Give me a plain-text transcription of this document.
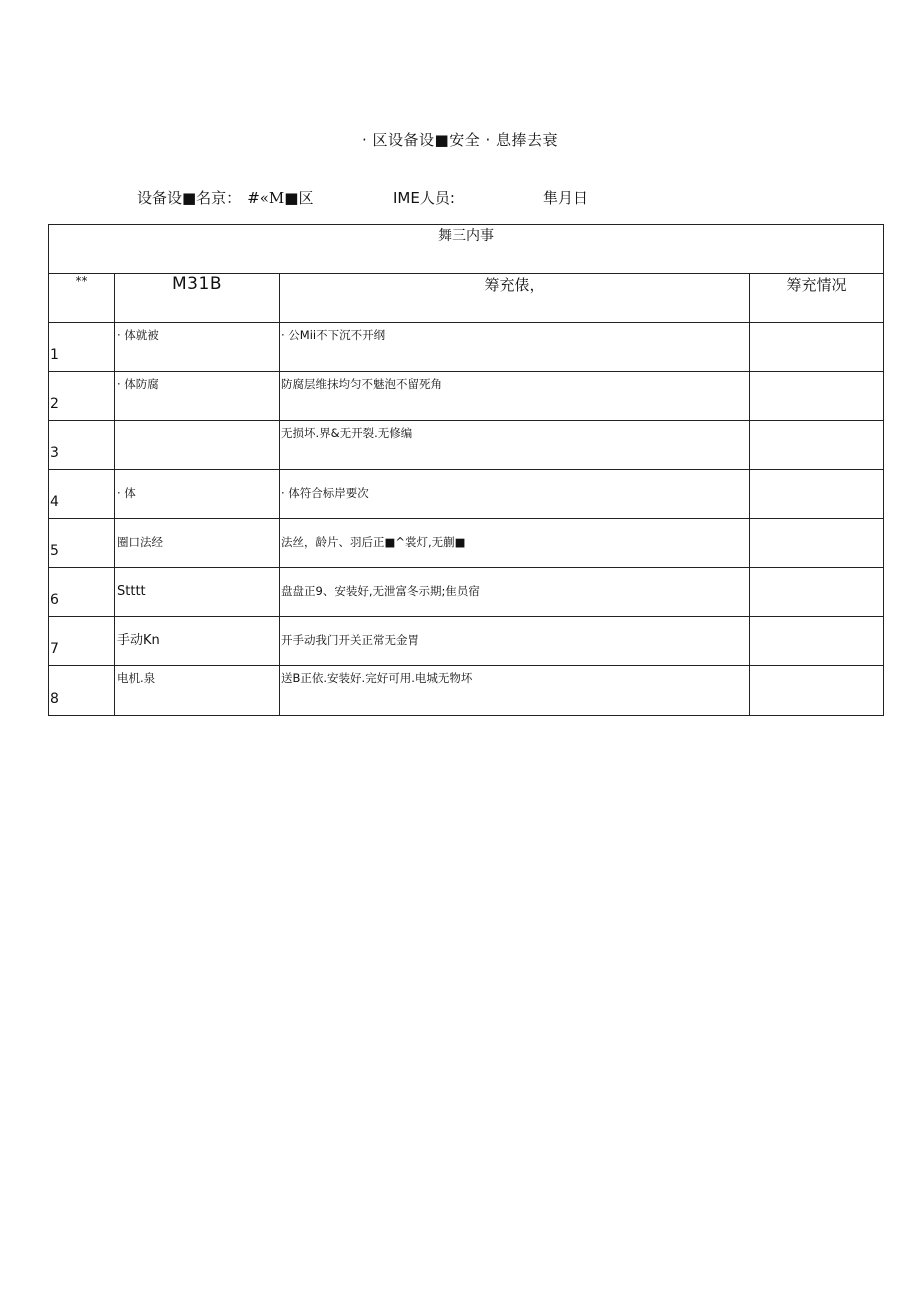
· 区设备设■安全 · 息捧去衰
设备设■名京： #«M■区	IME人员:	隼月日
舞三内事			
**	M31B	筹充俵，	筹充情况

1	· 体就被	· 公Mii不下沉不开纲	

2	· 体防腐	防腐层维抹均匀不魅泡不留死角	

3		无损坏.界&无开裂.无修编	

4	· 体	· 体符合标岸要次	

5	圈口法经	法丝，龄片、羽后正■^裳灯,无蒯■	

6	Stttt	盘盘正9、安装好,无泄富冬示期;隹员宿	

7	手动Kn	开手动我门开关正常无金胃	

8	电机.泉	送B正依.安装好.完好可用.电城无物坏	
